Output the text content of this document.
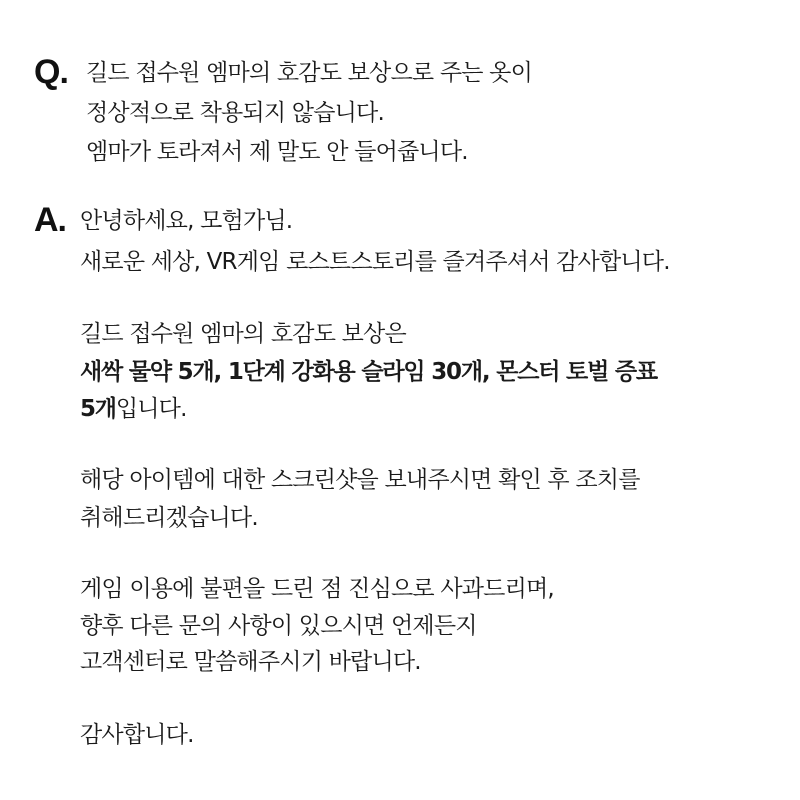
Q. 길드 접수원 엠마의 호감도 보상으로 주는 옷이
정상적으로 착용되지 않습니다.
엠마가 토라져서 제 말도 안 들어줍니다.
A. 안녕하세요, 모험가님.
새로운 세상, VR게임 로스트스토리를 즐겨주셔서 감사합니다.
길드 접수원 엠마의 호감도 보상은
새싹 물약 5개, 1단계 강화용 슬라임 30개, 몬스터 토벌 증표
5개입니다.
해당 아이템에 대한 스크린샷을 보내주시면 확인 후 조치를
취해드리겠습니다.
게임 이용에 불편을 드린 점 진심으로 사과드리며,
향후 다른 문의 사항이 있으시면 언제든지
고객센터로 말씀해주시기 바랍니다.
감사합니다.
